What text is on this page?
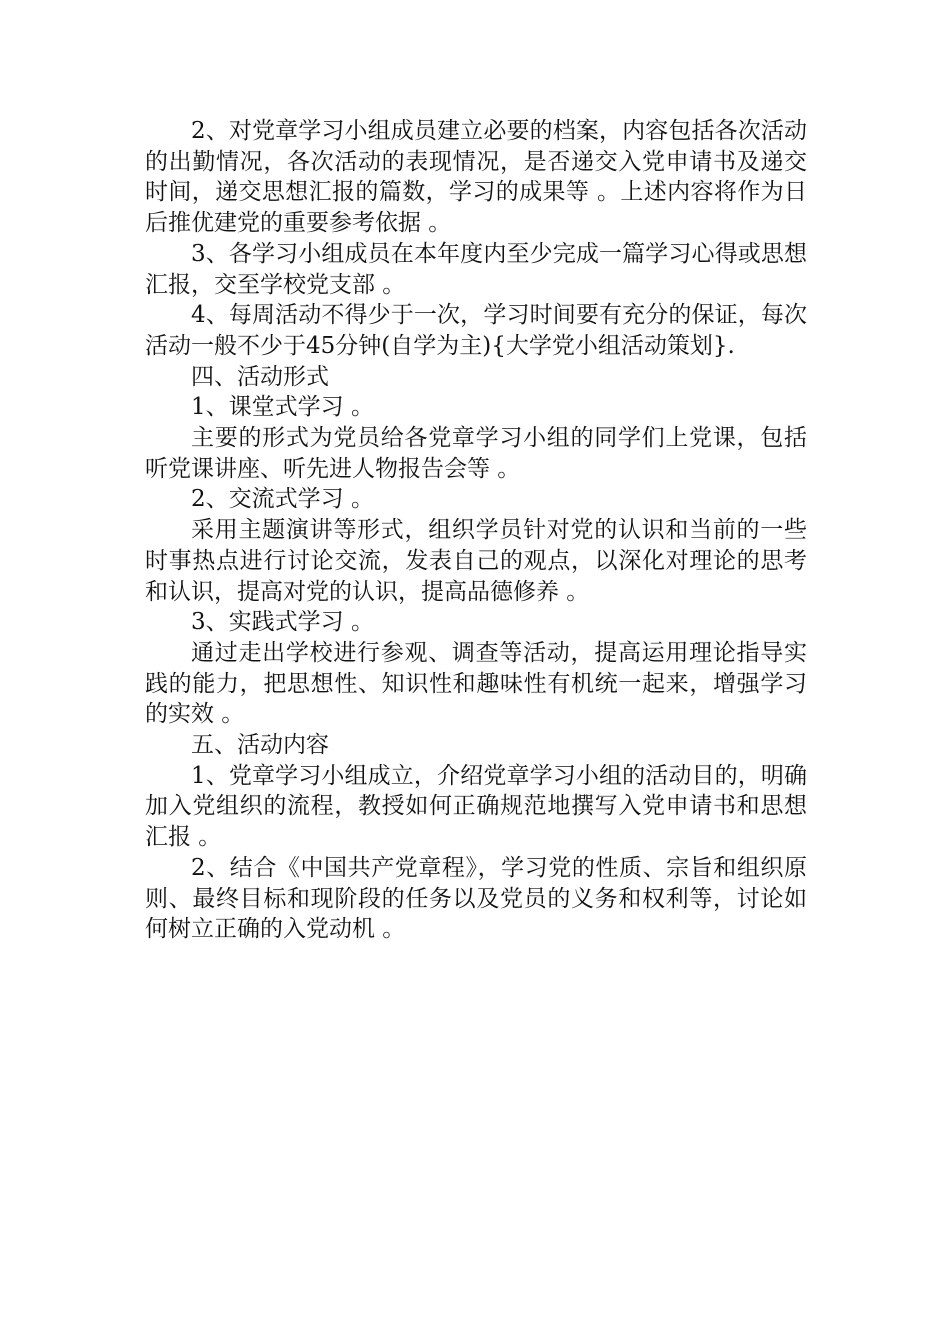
2、对党章学习小组成员建立必要的档案，内容包括各次活动的出勤情况，各次活动的表现情况，是否递交入党申请书及递交时间，递交思想汇报的篇数，学习的成果等 。上述内容将作为日后推优建党的重要参考依据 。

3、各学习小组成员在本年度内至少完成一篇学习心得或思想汇报，交至学校党支部 。

4、每周活动不得少于一次，学习时间要有充分的保证，每次活动一般不少于45分钟(自学为主){大学党小组活动策划}.

四、活动形式

1、课堂式学习 。

主要的形式为党员给各党章学习小组的同学们上党课，包括听党课讲座、听先进人物报告会等 。

2、交流式学习 。

采用主题演讲等形式，组织学员针对党的认识和当前的一些时事热点进行讨论交流，发表自己的观点，以深化对理论的思考和认识，提高对党的认识，提高品德修养 。

3、实践式学习 。

通过走出学校进行参观、调查等活动，提高运用理论指导实践的能力，把思想性、知识性和趣味性有机统一起来，增强学习的实效 。

五、活动内容

1、党章学习小组成立，介绍党章学习小组的活动目的，明确加入党组织的流程，教授如何正确规范地撰写入党申请书和思想汇报 。

2、结合《中国共产党章程》，学习党的性质、宗旨和组织原则、最终目标和现阶段的任务以及党员的义务和权利等，讨论如何树立正确的入党动机 。
